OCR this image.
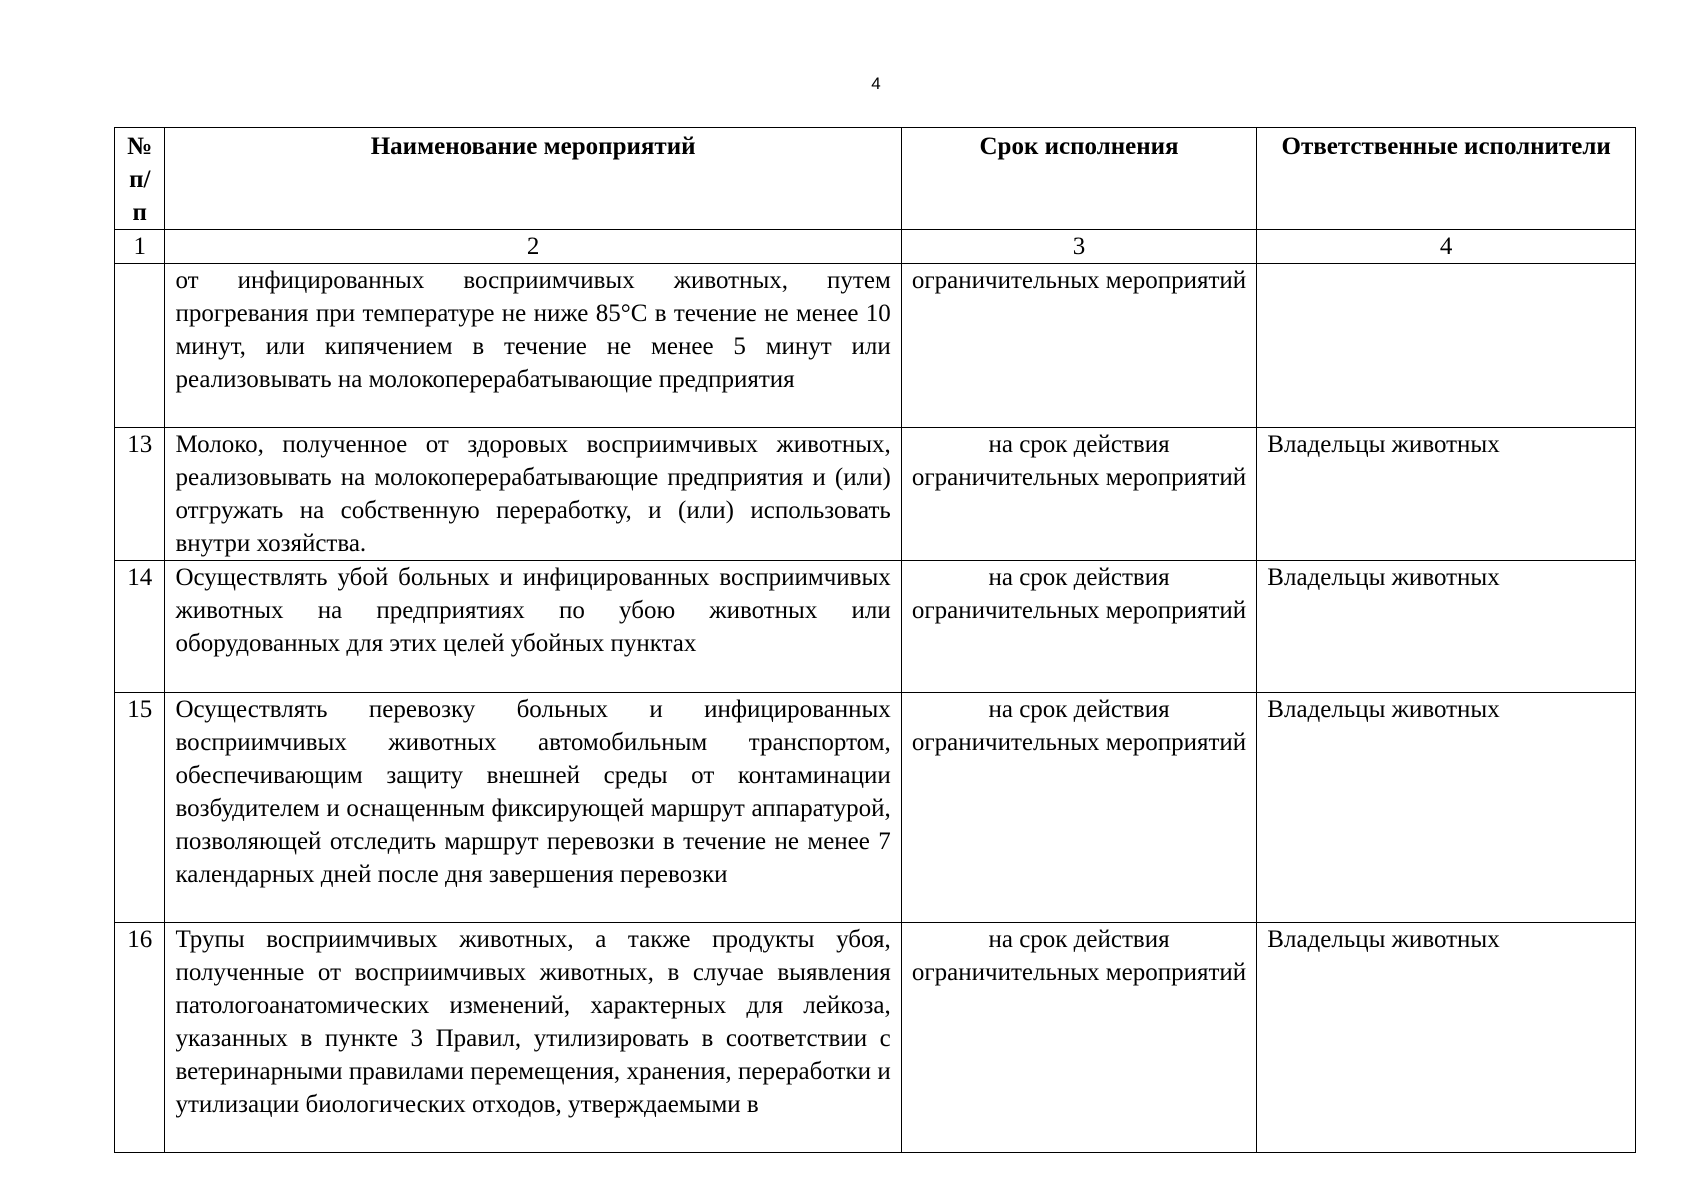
4
№ п/п	Наименование мероприятий	Срок исполнения	Ответственные исполнители
1	2	3	4
	от инфицированных восприимчивых животных, путем прогревания при температуре не ниже 85°С в течение не менее 10 минут, или кипячением в течение не менее 5 минут или реализовывать на молокоперерабатывающие предприятия	ограничительных мероприятий	
13	Молоко, полученное от здоровых восприимчивых животных, реализовывать на молокоперерабатывающие предприятия и (или) отгружать на собственную переработку, и (или) использовать внутри хозяйства.	на срок действия ограничительных мероприятий	Владельцы животных
14	Осуществлять убой больных и инфицированных восприимчивых животных на предприятиях по убою животных или оборудованных для этих целей убойных пунктах	на срок действия ограничительных мероприятий	Владельцы животных
15	Осуществлять перевозку больных и инфицированных восприимчивых животных автомобильным транспортом, обеспечивающим защиту внешней среды от контаминации возбудителем и оснащенным фиксирующей маршрут аппаратурой, позволяющей отследить маршрут перевозки в течение не менее 7 календарных дней после дня завершения перевозки	на срок действия ограничительных мероприятий	Владельцы животных
16	Трупы восприимчивых животных, а также продукты убоя, полученные от восприимчивых животных, в случае выявления патологоанатомических изменений, характерных для лейкоза, указанных в пункте 3 Правил, утилизировать в соответствии с ветеринарными правилами перемещения, хранения, переработки и утилизации биологических отходов, утверждаемыми в	на срок действия ограничительных мероприятий	Владельцы животных
